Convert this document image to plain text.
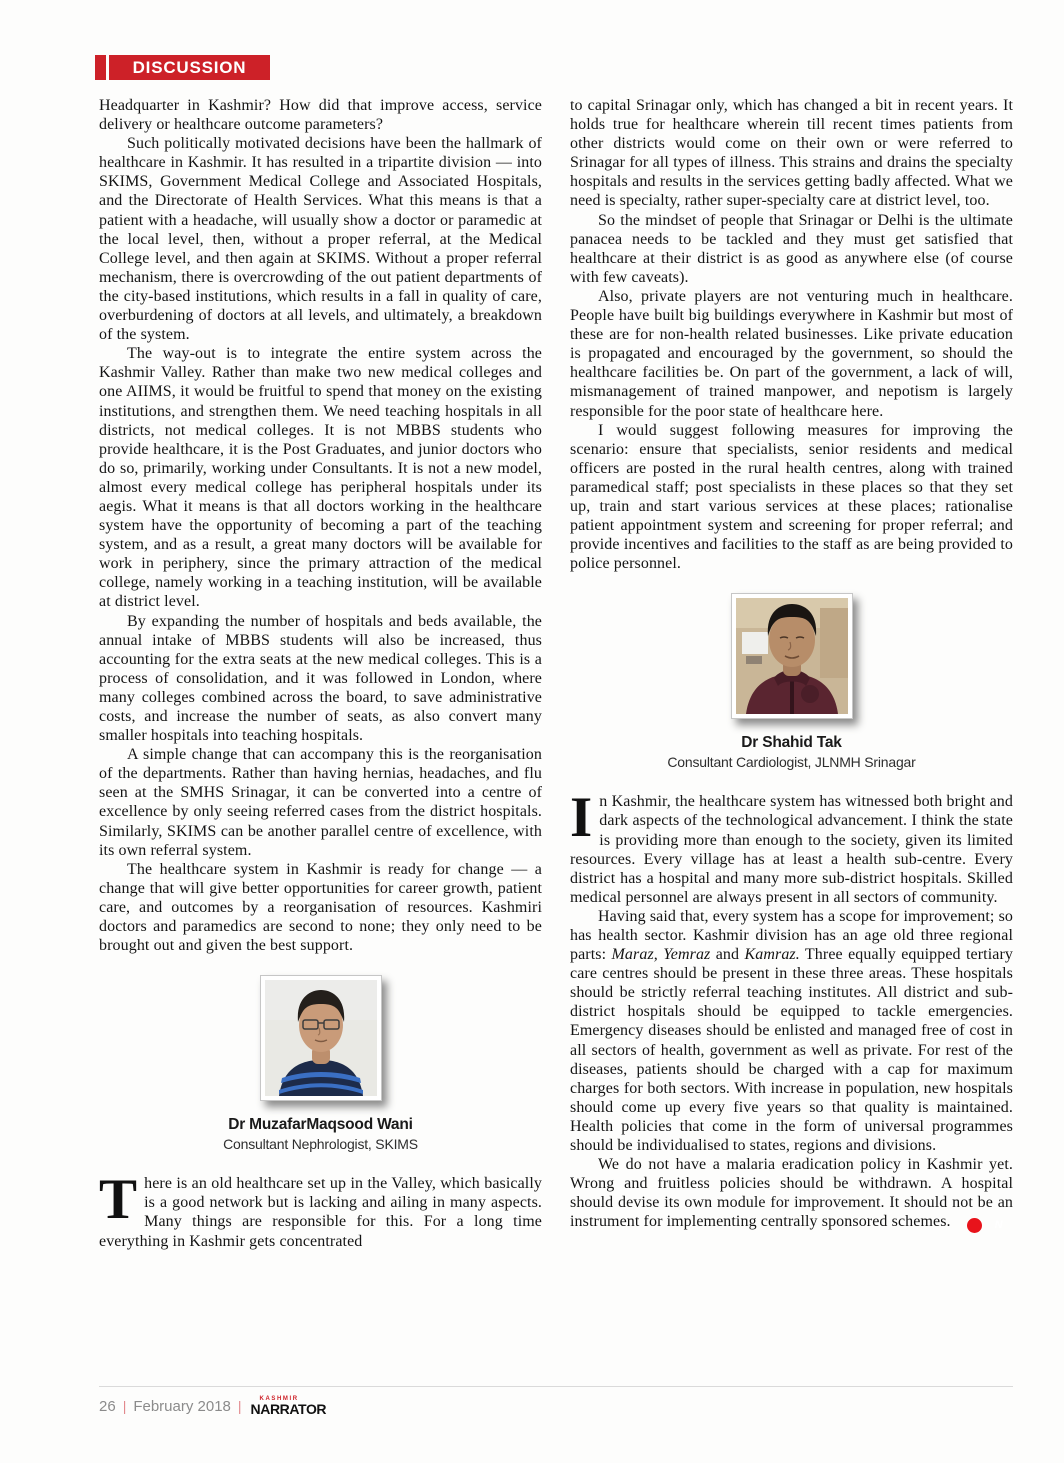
DISCUSSION

Headquarter in Kashmir? How did that improve access, service delivery or healthcare outcome parameters?

Such politically motivated decisions have been the hallmark of healthcare in Kashmir. It has resulted in a tripartite division — into SKIMS, Government Medical College and Associated Hospitals, and the Directorate of Health Services. What this means is that a patient with a headache, will usually show a doctor or paramedic at the local level, then, without a proper referral, at the Medical College level, and then again at SKIMS. Without a proper referral mechanism, there is overcrowding of the out patient departments of the city-based institutions, which results in a fall in quality of care, overburdening of doctors at all levels, and ultimately, a breakdown of the system.

The way-out is to integrate the entire system across the Kashmir Valley. Rather than make two new medical colleges and one AIIMS, it would be fruitful to spend that money on the existing institutions, and strengthen them. We need teaching hospitals in all districts, not medical colleges. It is not MBBS students who provide healthcare, it is the Post Graduates, and junior doctors who do so, primarily, working under Consultants. It is not a new model, almost every medical college has peripheral hospitals under its aegis. What it means is that all doctors working in the healthcare system have the opportunity of becoming a part of the teaching system, and as a result, a great many doctors will be available for work in periphery, since the primary attraction of the medical college, namely working in a teaching institution, will be available at district level.

By expanding the number of hospitals and beds available, the annual intake of MBBS students will also be increased, thus accounting for the extra seats at the new medical colleges. This is a process of consolidation, and it was followed in London, where many colleges combined across the board, to save administrative costs, and increase the number of seats, as also convert many smaller hospitals into teaching hospitals.

A simple change that can accompany this is the reorganisation of the departments. Rather than having hernias, headaches, and flu seen at the SMHS Srinagar, it can be converted into a centre of excellence by only seeing referred cases from the district hospitals. Similarly, SKIMS can be another parallel centre of excellence, with its own referral system.

The healthcare system in Kashmir is ready for change — a change that will give better opportunities for career growth, patient care, and outcomes by a reorganisation of resources. Kashmiri doctors and paramedics are second to none; they only need to be brought out and given the best support.

Dr MuzafarMaqsood Wani
Consultant Nephrologist, SKIMS

There is an old healthcare set up in the Valley, which basically is a good network but is lacking and ailing in many aspects. Many things are responsible for this. For a long time everything in Kashmir gets concentrated

to capital Srinagar only, which has changed a bit in recent years. It holds true for healthcare wherein till recent times patients from other districts would come on their own or were referred to Srinagar for all types of illness. This strains and drains the specialty hospitals and results in the services getting badly affected. What we need is specialty, rather super-specialty care at district level, too.

So the mindset of people that Srinagar or Delhi is the ultimate panacea needs to be tackled and they must get satisfied that healthcare at their district is as good as anywhere else (of course with few caveats).

Also, private players are not venturing much in healthcare. People have built big buildings everywhere in Kashmir but most of these are for non-health related businesses. Like private education is propagated and encouraged by the government, so should the healthcare facilities be. On part of the government, a lack of will, mismanagement of trained manpower, and nepotism is largely responsible for the poor state of healthcare here.

I would suggest following measures for improving the scenario: ensure that specialists, senior residents and medical officers are posted in the rural health centres, along with trained paramedical staff; post specialists in these places so that they set up, train and start various services at these places; rationalise patient appointment system and screening for proper referral; and provide incentives and facilities to the staff as are being provided to police personnel.

Dr Shahid Tak
Consultant Cardiologist, JLNMH Srinagar

In Kashmir, the healthcare system has witnessed both bright and dark aspects of the technological advancement. I think the state is providing more than enough to the society, given its limited resources. Every village has at least a health sub-centre. Every district has a hospital and many more sub-district hospitals. Skilled medical personnel are always present in all sectors of community.

Having said that, every system has a scope for improvement; so has health sector. Kashmir division has an age old three regional parts: Maraz, Yemraz and Kamraz. Three equally equipped tertiary care centres should be present in these three areas. These hospitals should be strictly referral teaching institutes. All district and sub-district hospitals should be equipped to tackle emergencies. Emergency diseases should be enlisted and managed free of cost in all sectors of health, government as well as private. For rest of the diseases, patients should be charged with a cap for maximum charges for both sectors. With increase in population, new hospitals should come up every five years so that quality is maintained. Health policies that come in the form of universal programmes should be individualised to states, regions and divisions.

We do not have a malaria eradication policy in Kashmir yet. Wrong and fruitless policies should be withdrawn. A hospital should devise its own module for improvement. It should not be an instrument for implementing centrally sponsored schemes.	N

26 | February 2018 |	KASHMIR
NARRATOR
